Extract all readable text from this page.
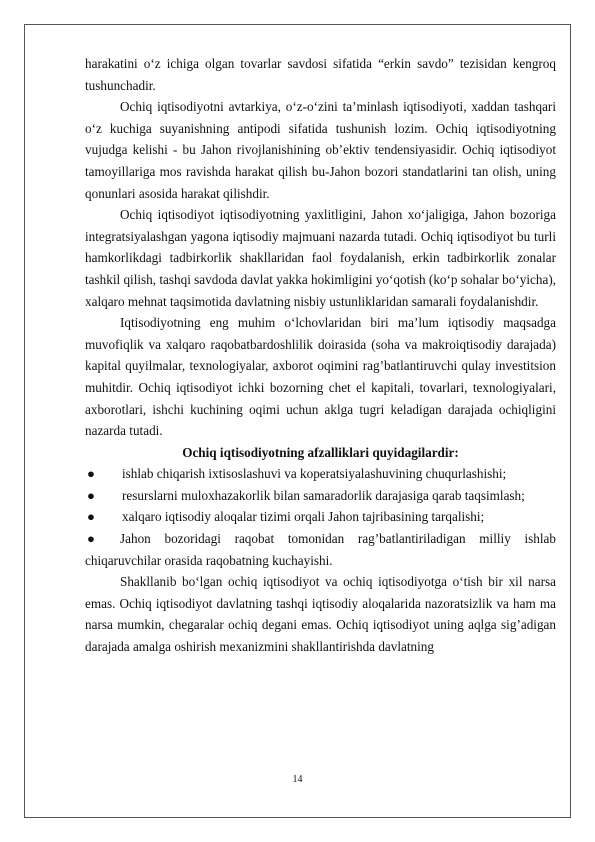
harakatini o‘z ichiga olgan tovarlar savdosi sifatida “erkin savdo” tezisidan kengroq tushunchadir.

Ochiq iqtisodiyotni avtarkiya, o‘z-o‘zini ta’minlash iqtisodiyoti, xaddan tashqari o‘z kuchiga suyanishning antipodi sifatida tushunish lozim. Ochiq iqtisodiyotning vujudga kelishi - bu Jahon rivojlanishining ob’ektiv tendensiyasidir. Ochiq iqtisodiyot tamoyillariga mos ravishda harakat qilish bu-Jahon bozori standatlarini tan olish, uning qonunlari asosida harakat qilishdir.

Ochiq iqtisodiyot iqtisodiyotning yaxlitligini, Jahon xo‘jaligiga, Jahon bozoriga integratsiyalashgan yagona iqtisodiy majmuani nazarda tutadi. Ochiq iqtisodiyot bu turli hamkorlikdagi tadbirkorlik shakllaridan faol foydalanish, erkin tadbirkorlik zonalar tashkil qilish, tashqi savdoda davlat yakka hokimligini yo‘qotish (ko‘p sohalar bo‘yicha), xalqaro mehnat taqsimotida davlatning nisbiy ustunliklaridan samarali foydalanishdir.

Iqtisodiyotning eng muhim o‘lchovlaridan biri ma’lum iqtisodiy maqsadga muvofiqlik va xalqaro raqobatbardoshlilik doirasida (soha va makroiqtisodiy darajada) kapital quyilmalar, texnologiyalar, axborot oqimini rag’batlantiruvchi qulay investitsion muhitdir. Ochiq iqtisodiyot ichki bozorning chet el kapitali, tovarlari, texnologiyalari, axborotlari, ishchi kuchining oqimi uchun aklga tugri keladigan darajada ochiqligini nazarda tutadi.

Ochiq iqtisodiyotning afzalliklari quyidagilardir:

●	ishlab chiqarish ixtisoslashuvi va koperatsiyalashuvining chuqurlashishi;
●	resurslarni muloxhazakorlik bilan samaradorlik darajasiga qarab taqsimlash;
●	xalqaro iqtisodiy aloqalar tizimi orqali Jahon tajribasining tarqalishi;

● Jahon bozoridagi raqobat tomonidan rag’batlantiriladigan milliy ishlab chiqaruvchilar orasida raqobatning kuchayishi.

Shakllanib bo‘lgan ochiq iqtisodiyot va ochiq iqtisodiyotga o‘tish bir xil narsa emas. Ochiq iqtisodiyot davlatning tashqi iqtisodiy aloqalarida nazoratsizlik va ham ma narsa mumkin, chegaralar ochiq degani emas. Ochiq iqtisodiyot uning aqlga sig’adigan darajada amalga oshirish mexanizmini shakllantirishda davlatning

14
